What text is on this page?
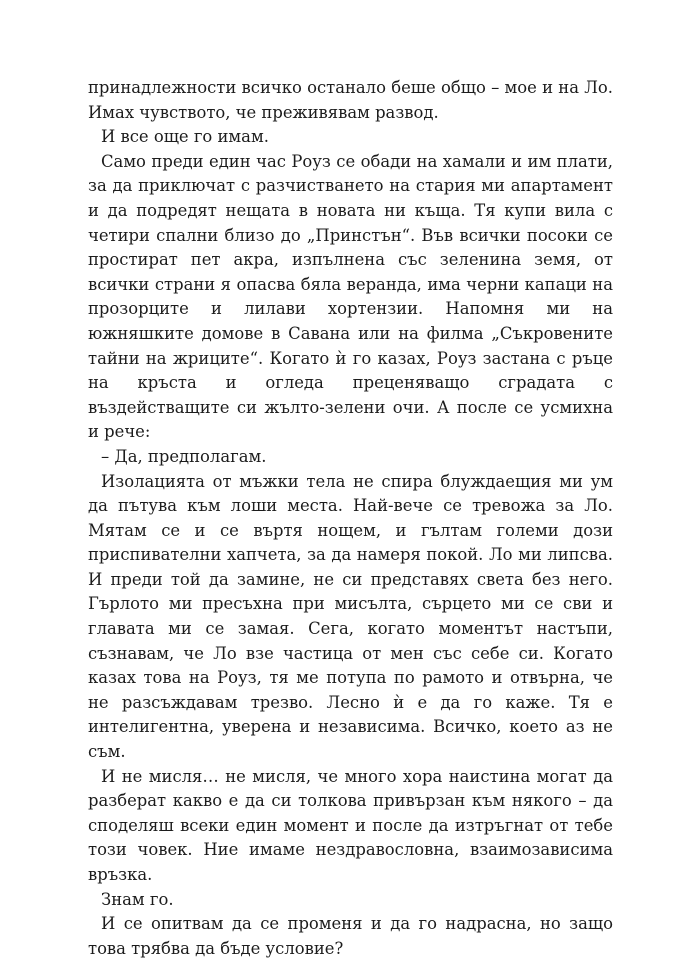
принадлежности всичко останало беше общо – мое и на Ло. Имах чувството, че преживявам развод.

И все още го имам.

Само преди един час Роуз се обади на хамали и им плати, за да приключат с разчистването на стария ми апартамент и да подредят нещата в новата ни къща. Тя купи вила с четири спални близо до „Принстън“. Във всички посоки се простират пет акра, изпълнена със зеленина земя, от всички страни я опасва бяла веранда, има черни капаци на прозорците и лилави хортензии. Напомня ми на южняшките домове в Савана или на филма „Съкровените тайни на жриците“. Когато ѝ го казах, Роуз застана с ръце на кръста и огледа преценяващо сградата с въздействащите си жълто-зелени очи. А после се усмихна и рече:

– Да, предполагам.

Изолацията от мъжки тела не спира блуждаещия ми ум да пътува към лоши места. Най-вече се тревожа за Ло. Мятам се и се въртя нощем, и гълтам големи дози приспивателни хапчета, за да намеря покой. Ло ми липсва. И преди той да замине, не си представях света без него. Гърлото ми пресъхна при мисълта, сърцето ми се сви и главата ми се замая. Сега, когато моментът настъпи, съзнавам, че Ло взе частица от мен със себе си. Когато казах това на Роуз, тя ме потупа по рамото и отвърна, че не разсъждавам трезво. Лесно ѝ е да го каже. Тя е интелигентна, уверена и независима. Всичко, което аз не съм.

И не мисля… не мисля, че много хора наистина могат да разберат какво е да си толкова привързан към някого – да споделяш всеки един момент и после да изтръгнат от тебе този човек. Ние имаме нездравословна, взаимозависима връзка.

Знам го.

И се опитвам да се променя и да го надрасна, но защо това трябва да бъде условие?
